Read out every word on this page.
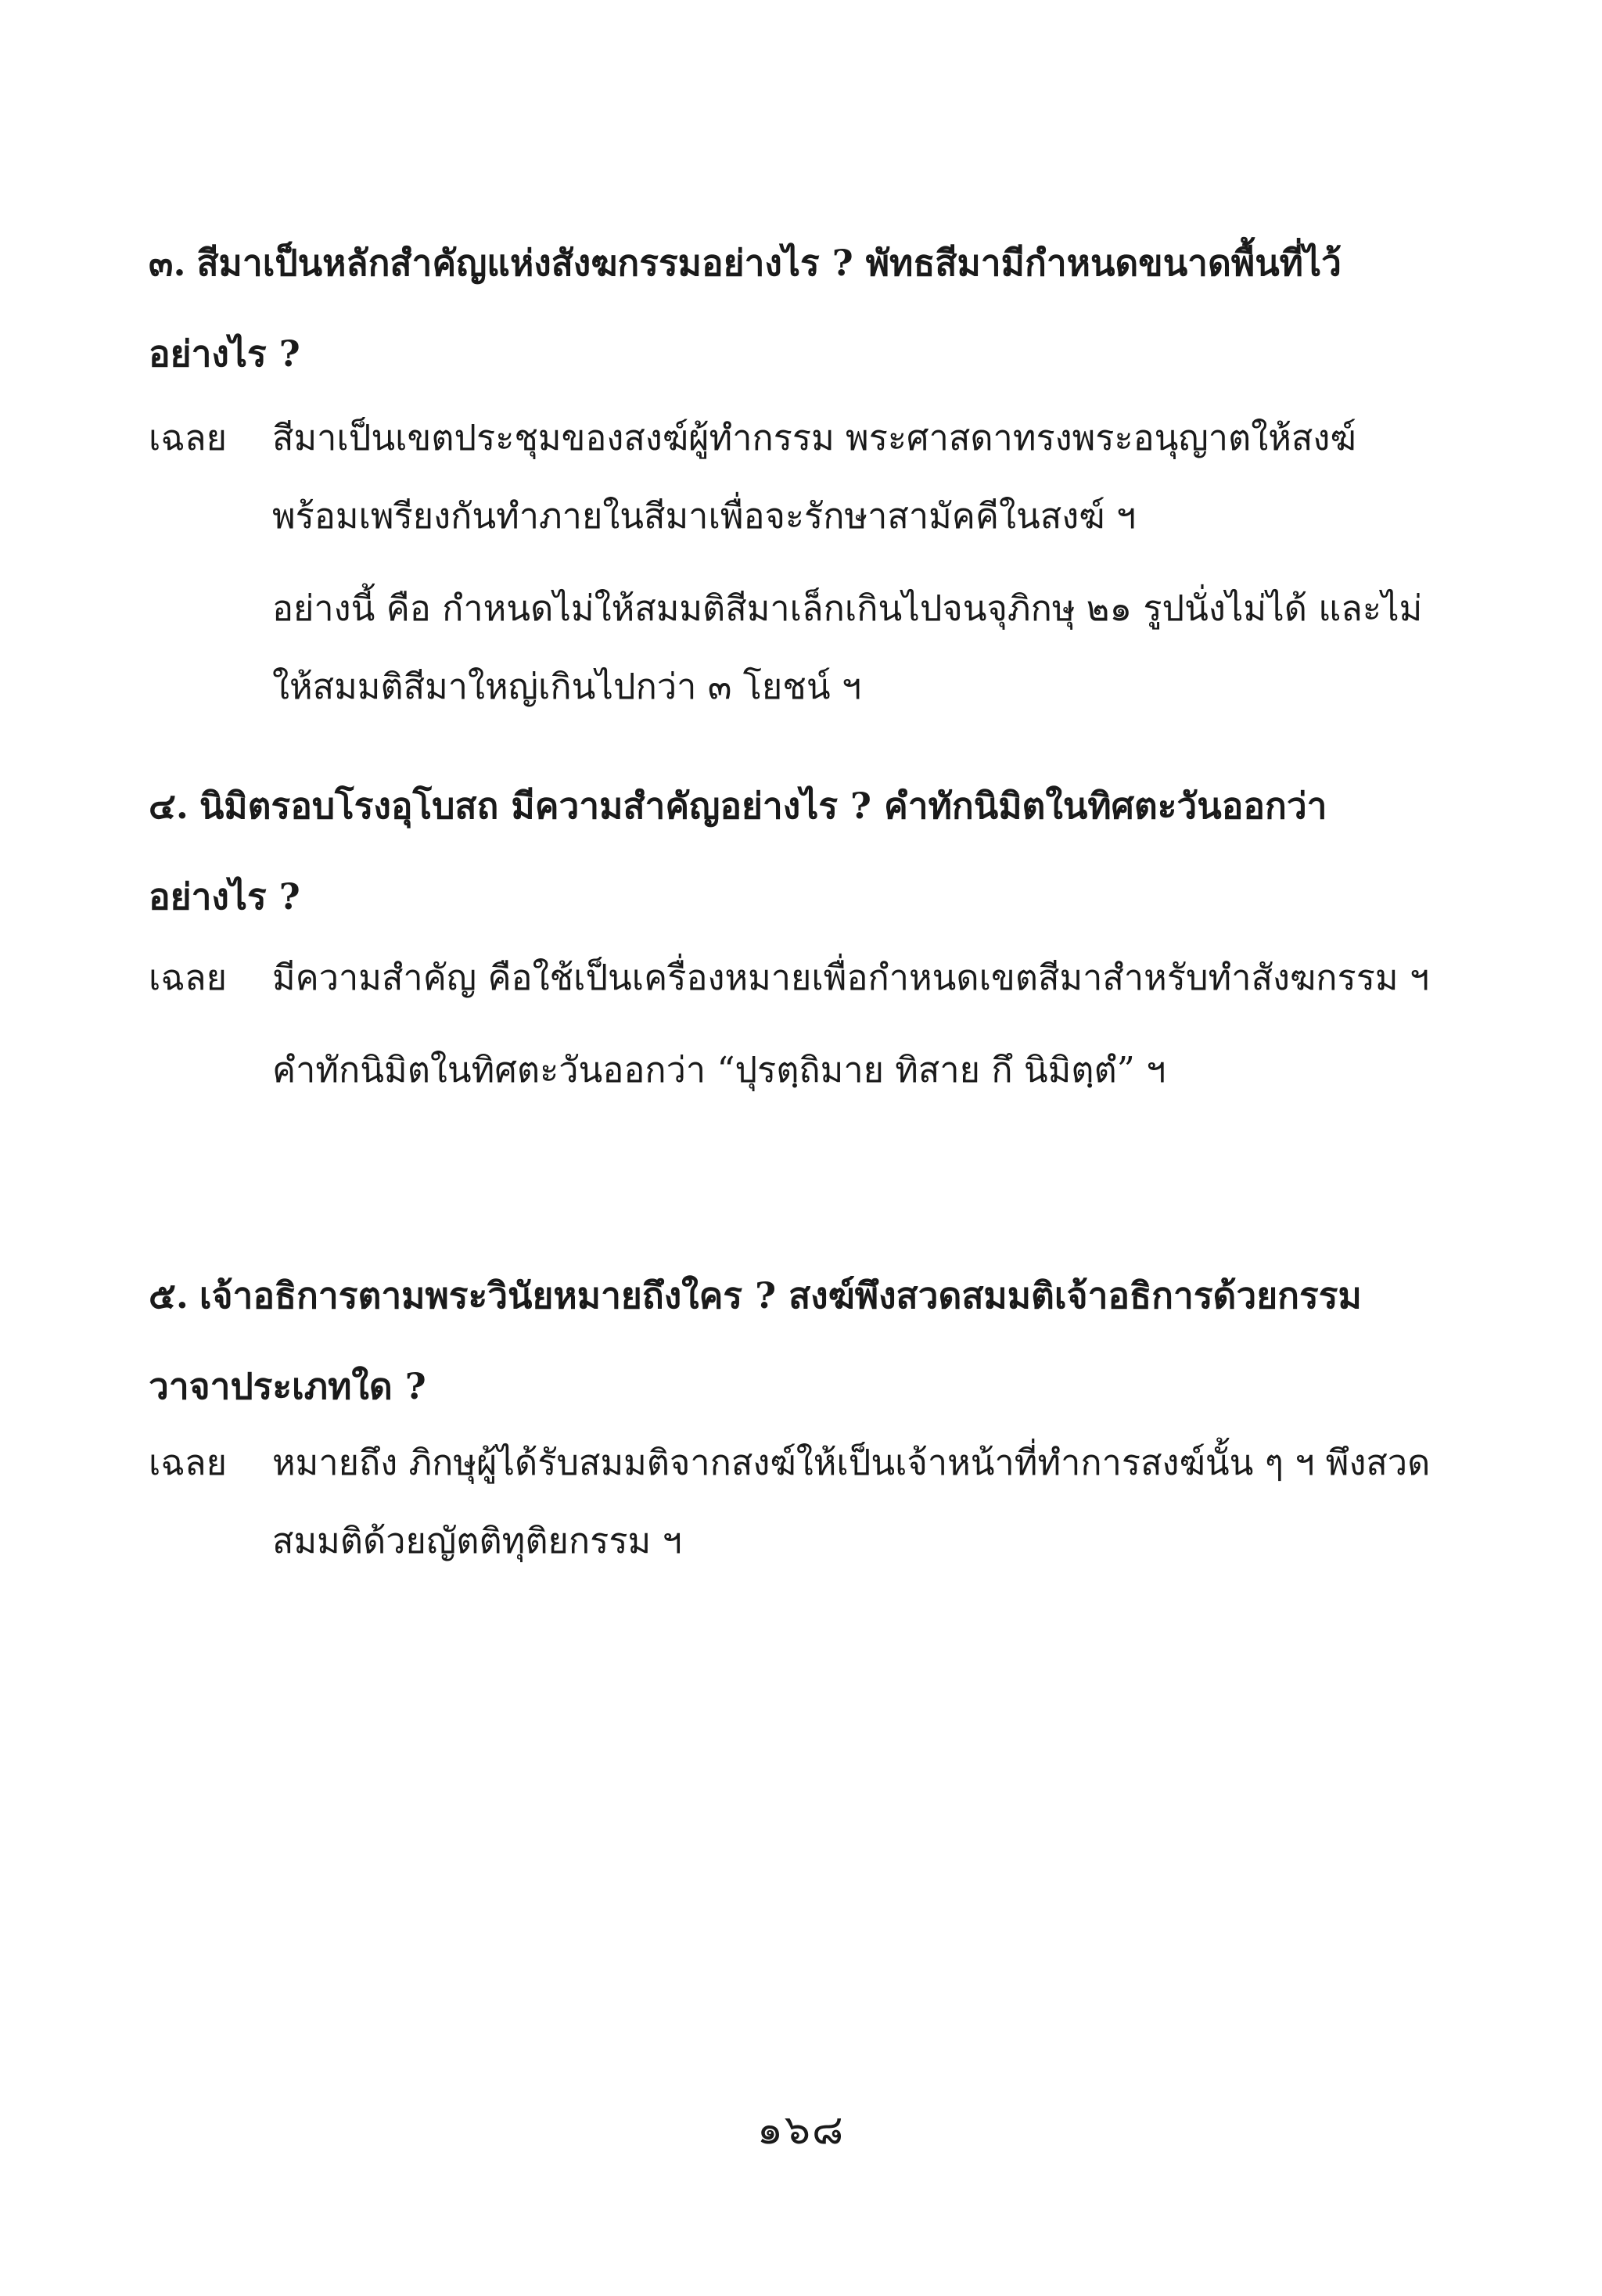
๓. สีมาเป็นหลักสำคัญแห่งสังฆกรรมอย่างไร ? พัทธสีมามีกำหนดขนาดพื้นที่ไว้อย่างไร ?

เฉลย	สีมาเป็นเขตประชุมของสงฆ์ผู้ทำกรรม พระศาสดาทรงพระอนุญาตให้สงฆ์พร้อมเพรียงกันทำภายในสีมาเพื่อจะรักษาสามัคคีในสงฆ์ ฯ
อย่างนี้ คือ กำหนดไม่ให้สมมติสีมาเล็กเกินไปจนจุภิกษุ ๒๑ รูปนั่งไม่ได้ และไม่ให้สมมติสีมาใหญ่เกินไปกว่า ๓ โยชน์ ฯ

๔. นิมิตรอบโรงอุโบสถ มีความสำคัญอย่างไร ? คำทักนิมิตในทิศตะวันออกว่าอย่างไร ?

เฉลย	มีความสำคัญ คือใช้เป็นเครื่องหมายเพื่อกำหนดเขตสีมาสำหรับทำสังฆกรรม ฯ
คำทักนิมิตในทิศตะวันออกว่า “ปุรตฺถิมาย ทิสาย กึ นิมิตฺตํ” ฯ

๕. เจ้าอธิการตามพระวินัยหมายถึงใคร ? สงฆ์พึงสวดสมมติเจ้าอธิการด้วยกรรมวาจาประเภทใด ?

เฉลย	หมายถึง ภิกษุผู้ได้รับสมมติจากสงฆ์ให้เป็นเจ้าหน้าที่ทำการสงฆ์นั้น ๆ ฯ พึงสวดสมมติด้วยญัตติทุติยกรรม ฯ
๑๖๘
